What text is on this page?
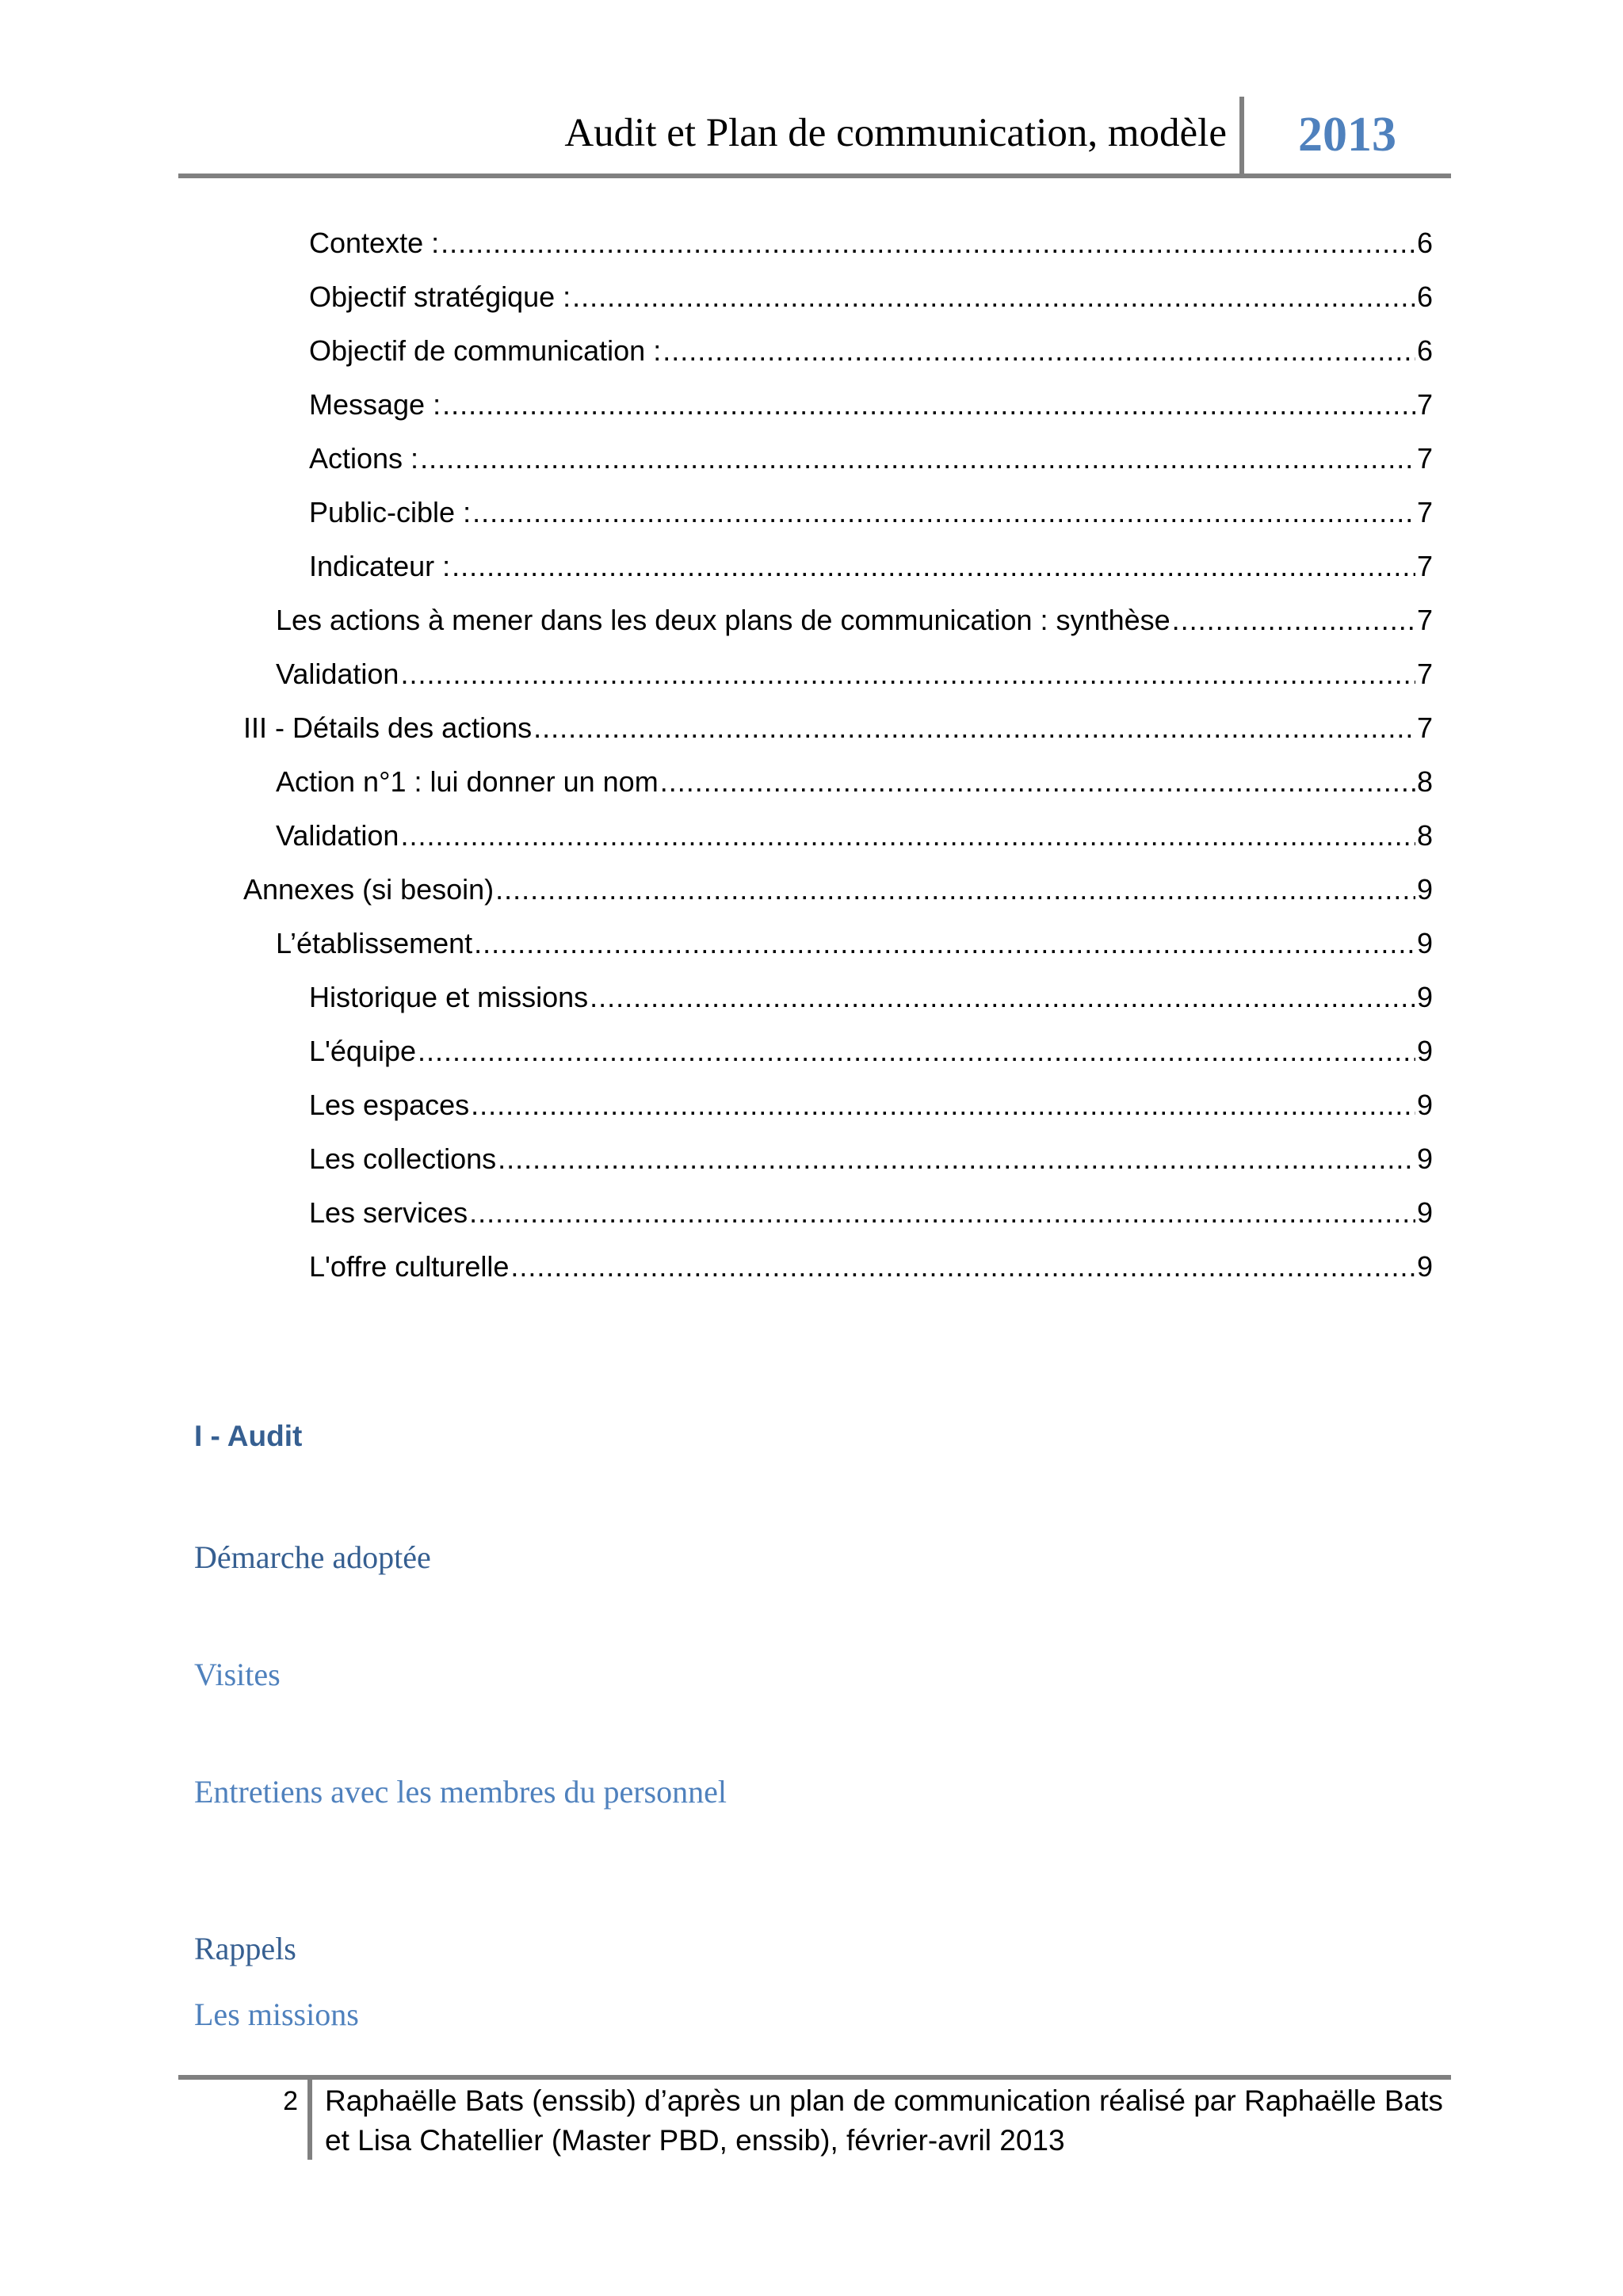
Audit et Plan de communication, modèle	2013
Contexte : .....	6
Objectif stratégique : .....	6
Objectif de communication : .....	6
Message : .....	7
Actions : .....	7
Public-cible : .....	7
Indicateur : .....	7
Les actions à mener dans les deux plans de communication : synthèse .....	7
Validation .....	7
III - Détails des actions .....	7
Action n°1 : lui donner un nom .....	8
Validation .....	8
Annexes (si besoin) .....	9
L’établissement .....	9
Historique et missions .....	9
L'équipe .....	9
Les espaces .....	9
Les collections .....	9
Les services .....	9
L'offre culturelle .....	9
I - Audit
Démarche adoptée
Visites
Entretiens avec les membres du personnel
Rappels
Les missions
2 Raphaëlle Bats (enssib) d’après un plan de communication réalisé par Raphaëlle Bats et Lisa Chatellier (Master PBD, enssib), février-avril 2013
